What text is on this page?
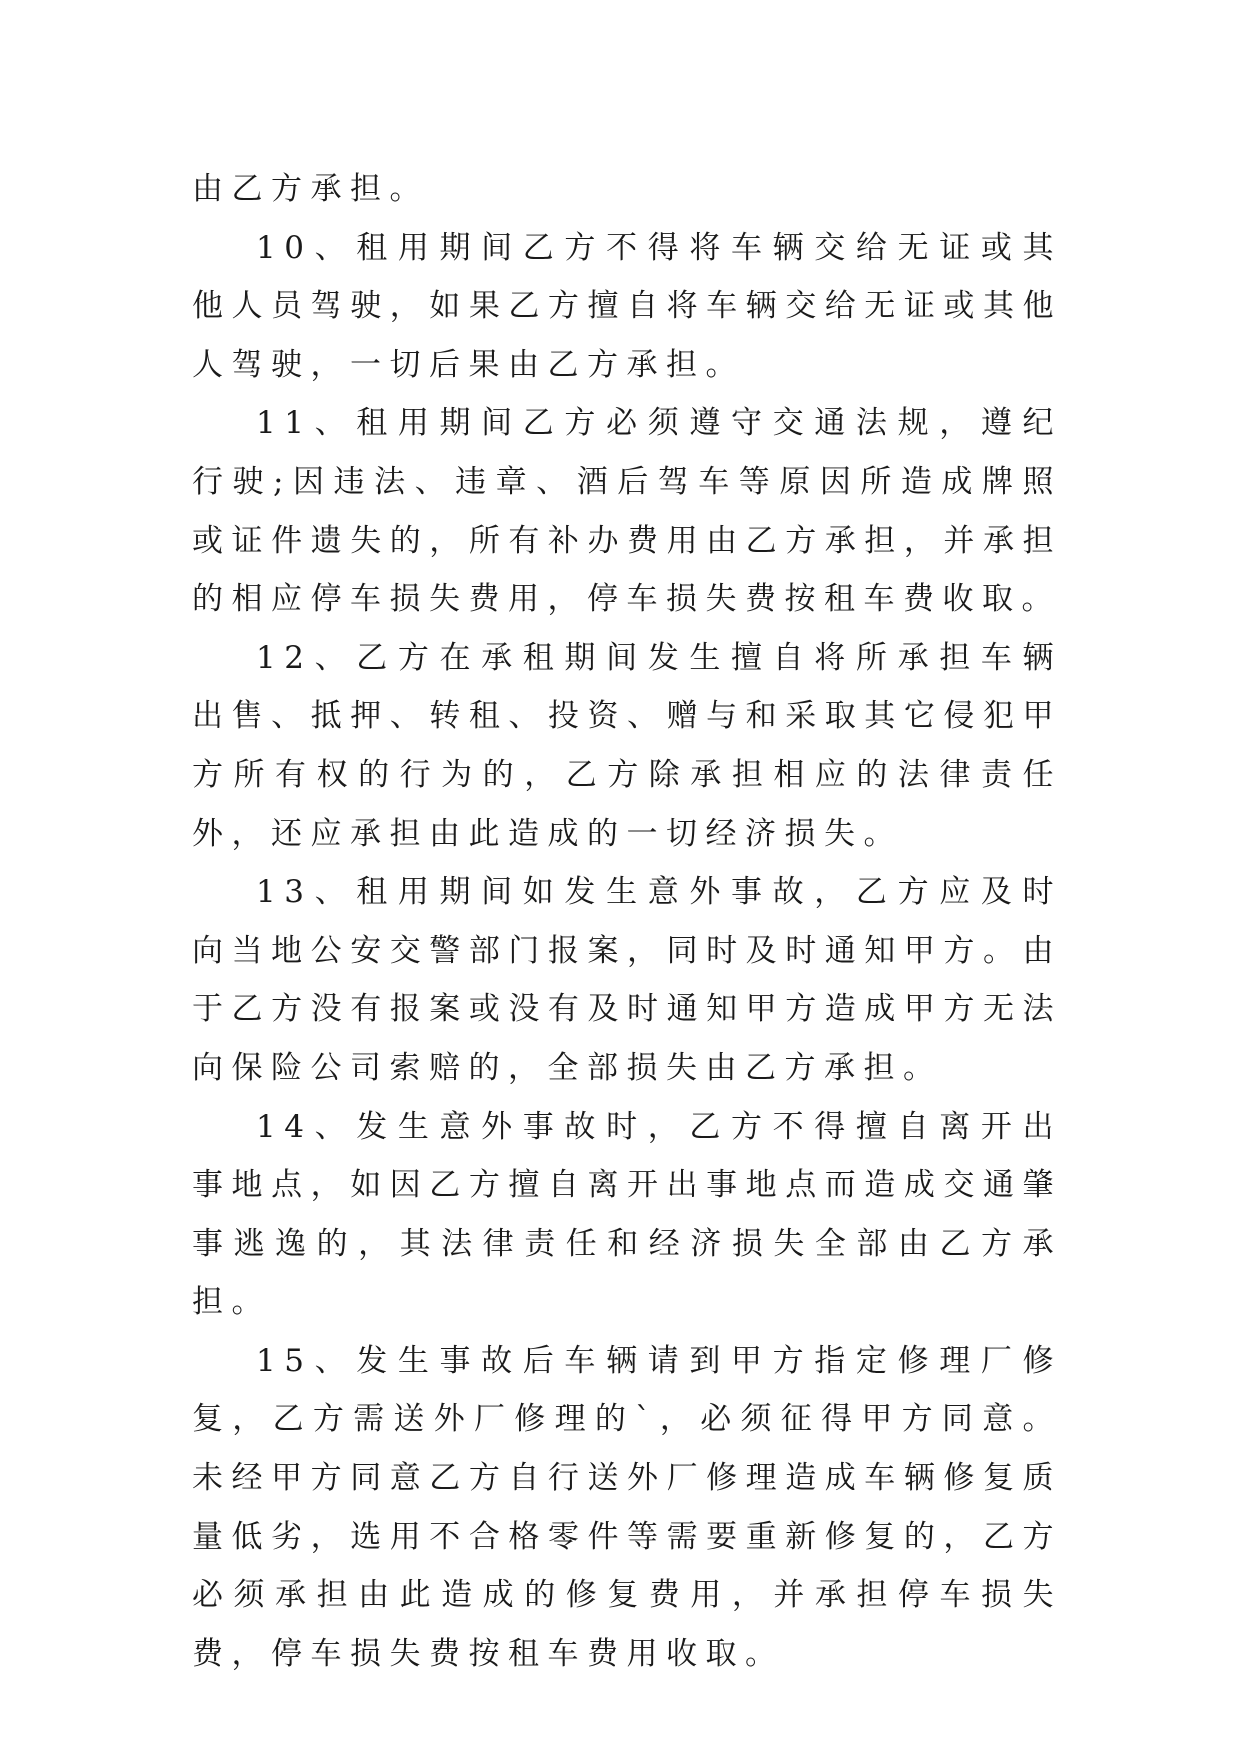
由乙方承担。

10、租用期间乙方不得将车辆交给无证或其他人员驾驶，如果乙方擅自将车辆交给无证或其他人驾驶，一切后果由乙方承担。

11、租用期间乙方必须遵守交通法规，遵纪行驶;因违法、违章、酒后驾车等原因所造成牌照或证件遗失的，所有补办费用由乙方承担，并承担的相应停车损失费用，停车损失费按租车费收取。

12、乙方在承租期间发生擅自将所承担车辆出售、抵押、转租、投资、赠与和采取其它侵犯甲方所有权的行为的，乙方除承担相应的法律责任外，还应承担由此造成的一切经济损失。

13、租用期间如发生意外事故，乙方应及时向当地公安交警部门报案，同时及时通知甲方。由于乙方没有报案或没有及时通知甲方造成甲方无法向保险公司索赔的，全部损失由乙方承担。

14、发生意外事故时，乙方不得擅自离开出事地点，如因乙方擅自离开出事地点而造成交通肇事逃逸的，其法律责任和经济损失全部由乙方承担。

15、发生事故后车辆请到甲方指定修理厂修复，乙方需送外厂修理的`，必须征得甲方同意。未经甲方同意乙方自行送外厂修理造成车辆修复质量低劣，选用不合格零件等需要重新修复的，乙方必须承担由此造成的修复费用，并承担停车损失费，停车损失费按租车费用收取。
